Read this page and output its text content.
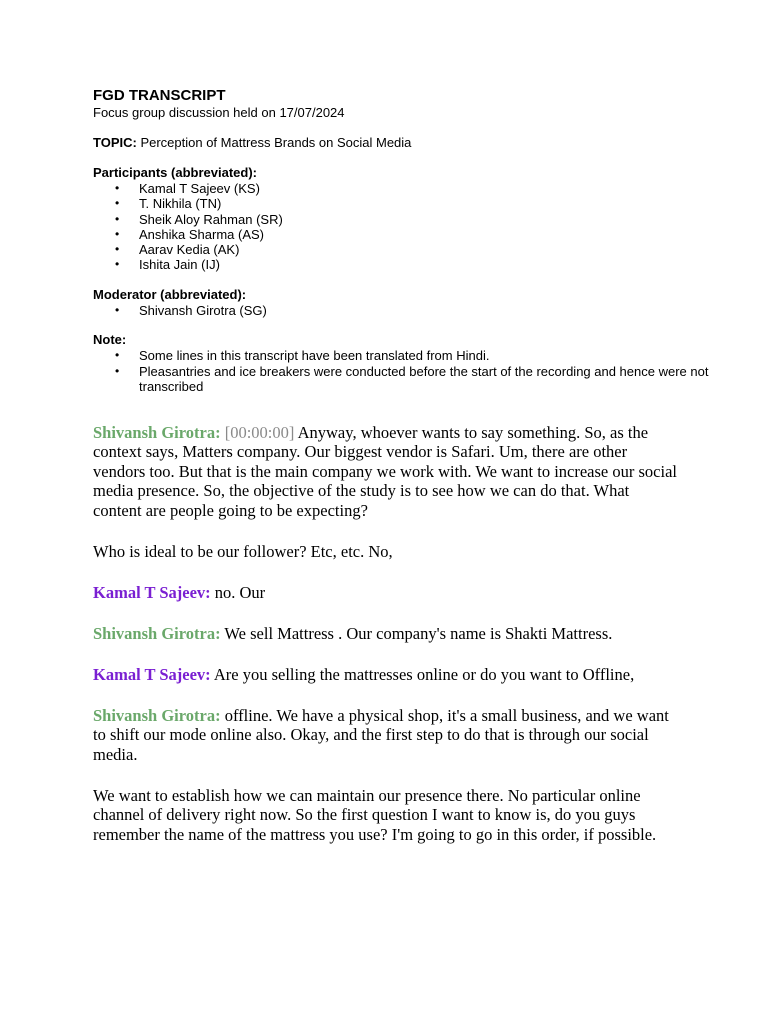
FGD TRANSCRIPT

Focus group discussion held on 17/07/2024

TOPIC: Perception of Mattress Brands on Social Media

Participants (abbreviated):

• Kamal T Sajeev (KS)
• T. Nikhila (TN)
• Sheik Aloy Rahman (SR)
• Anshika Sharma (AS)
• Aarav Kedia (AK)
• Ishita Jain (IJ)

Moderator (abbreviated):

• Shivansh Girotra (SG)

Note:

• Some lines in this transcript have been translated from Hindi.
• Pleasantries and ice breakers were conducted before the start of the recording and hence were not transcribed

Shivansh Girotra: [00:00:00] Anyway, whoever wants to say something. So, as the context says, Matters company. Our biggest vendor is Safari. Um, there are other vendors too. But that is the main company we work with. We want to increase our social media presence. So, the objective of the study is to see how we can do that. What content are people going to be expecting?

Who is ideal to be our follower? Etc, etc. No,

Kamal T Sajeev: no. Our

Shivansh Girotra: We sell Mattress . Our company's name is Shakti Mattress.

Kamal T Sajeev: Are you selling the mattresses online or do you want to Offline,

Shivansh Girotra: offline. We have a physical shop, it's a small business, and we want to shift our mode online also. Okay, and the first step to do that is through our social media.

We want to establish how we can maintain our presence there. No particular online channel of delivery right now. So the first question I want to know is, do you guys remember the name of the mattress you use? I'm going to go in this order, if possible.
